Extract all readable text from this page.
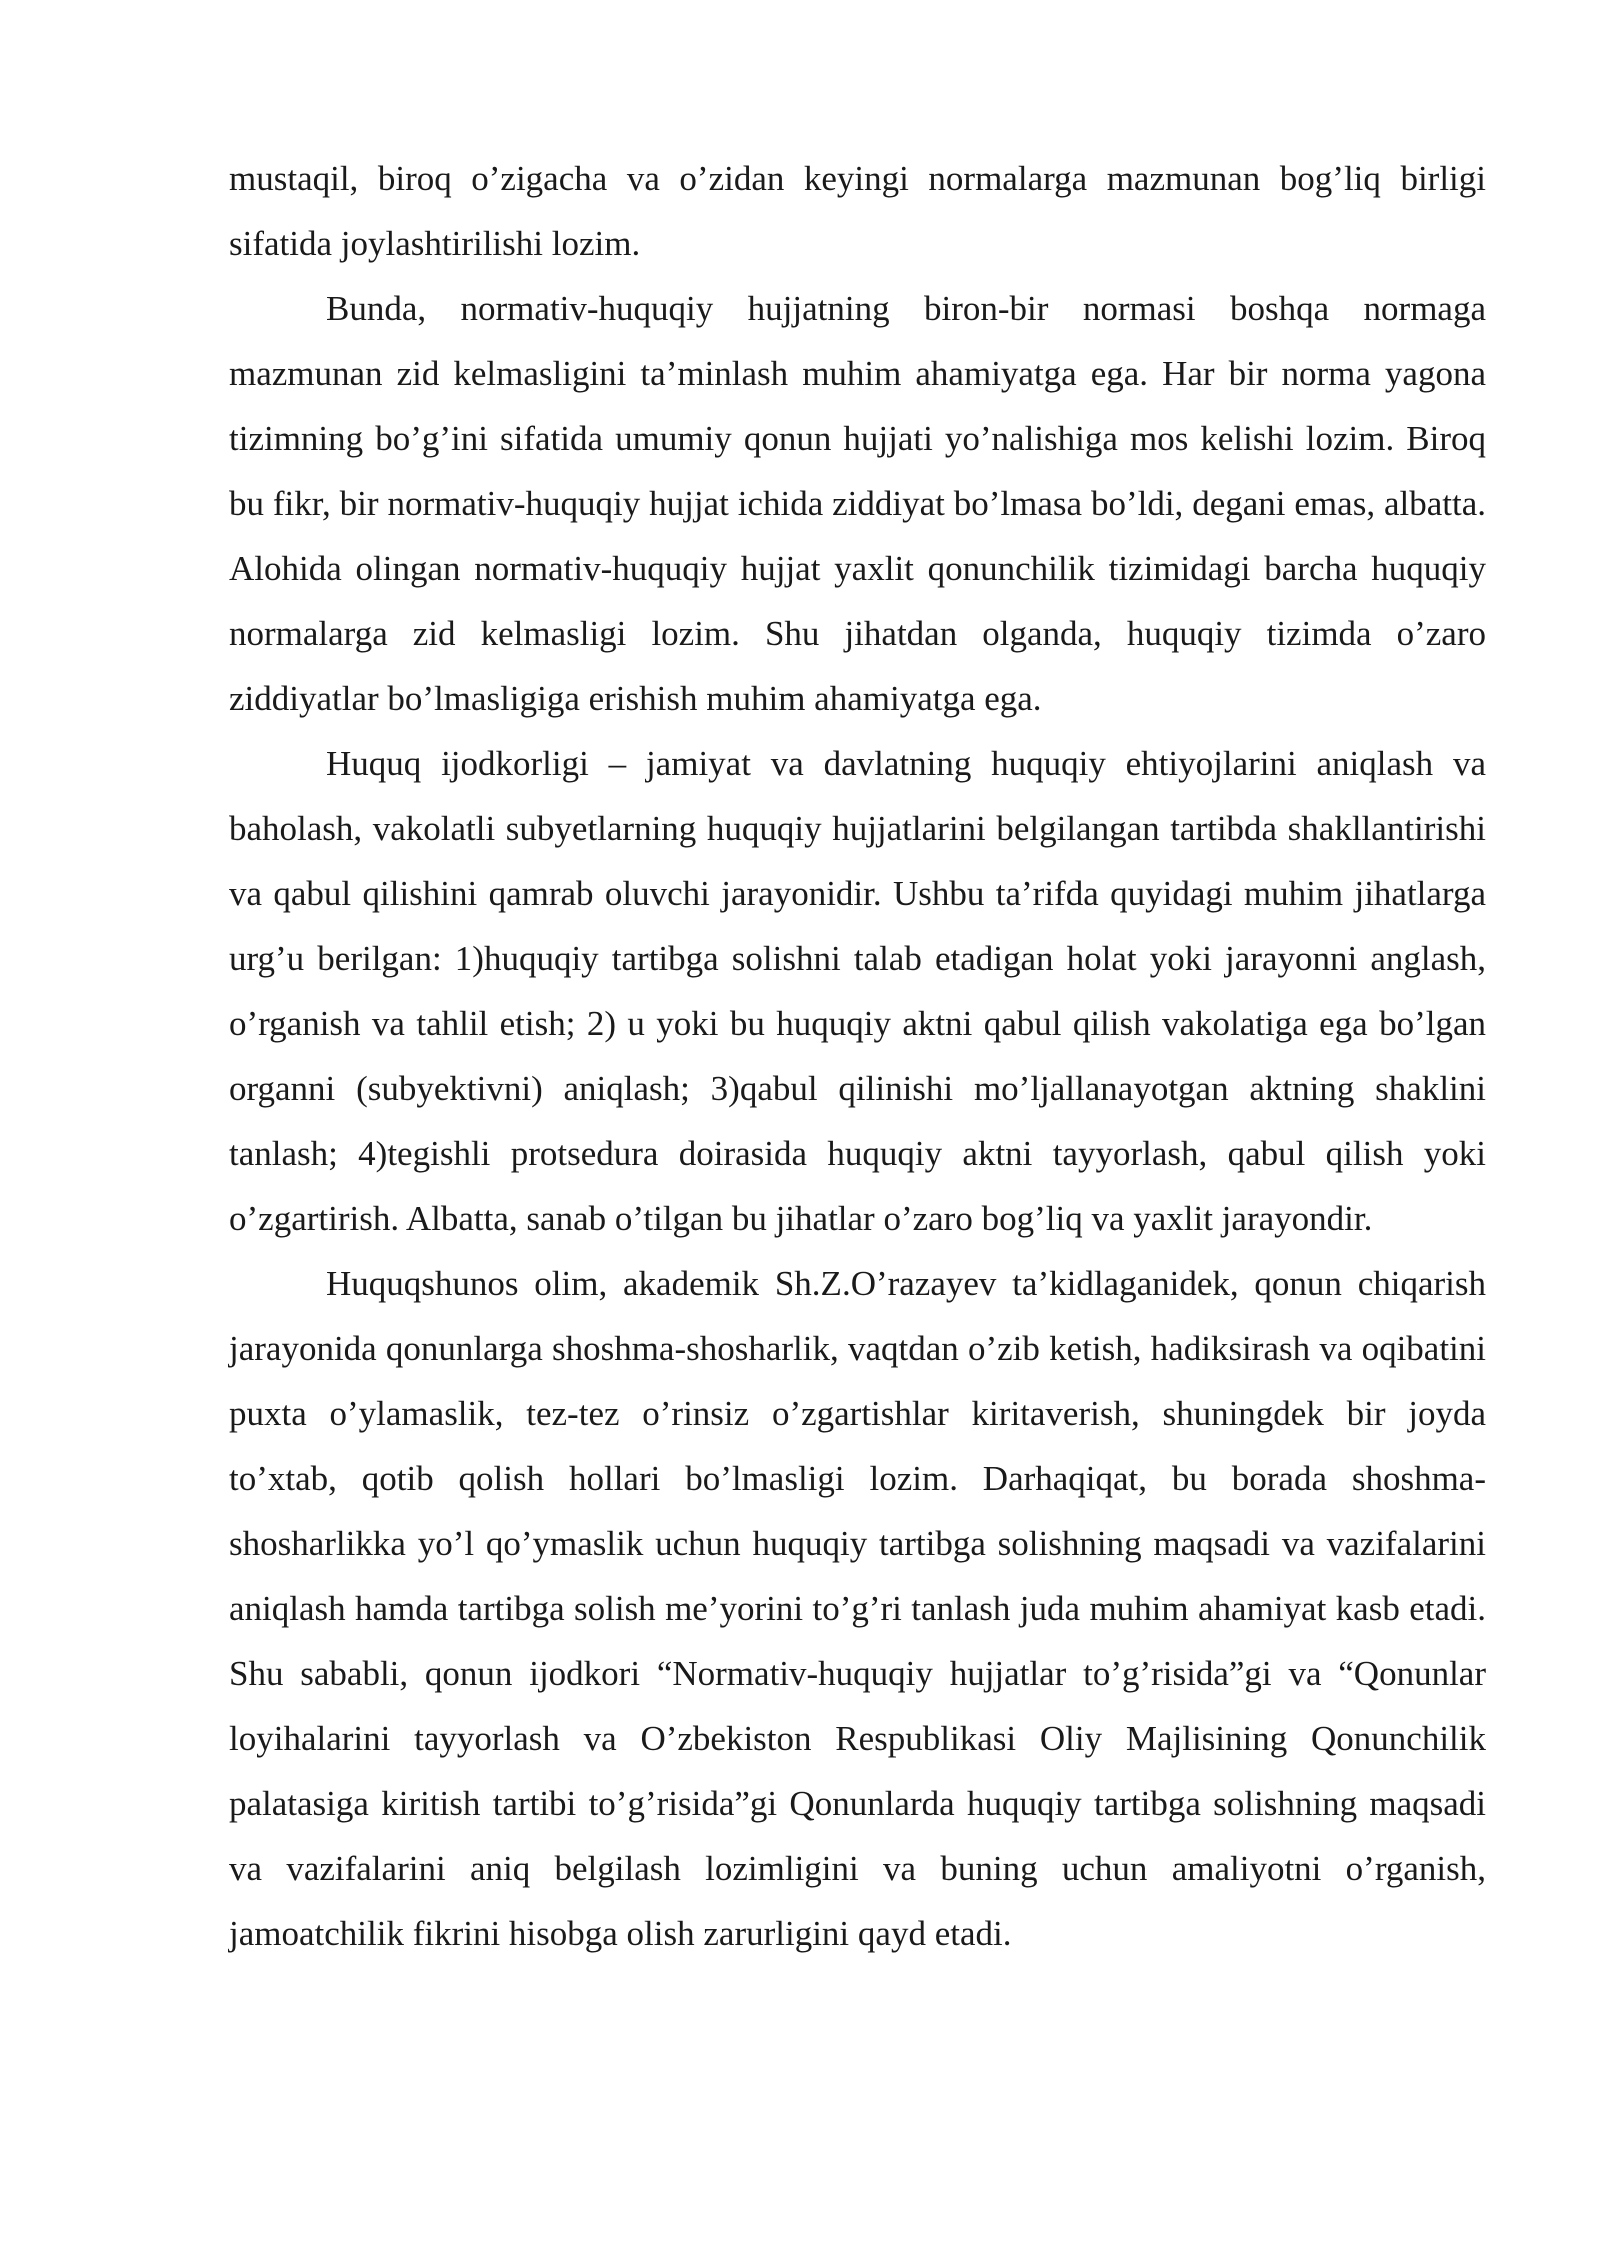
mustaqil, biroq o’zigacha va o’zidan keyingi normalarga mazmunan bog’liq birligi sifatida joylashtirilishi lozim.

Bunda, normativ-huquqiy hujjatning biron-bir normasi boshqa normaga mazmunan zid kelmasligini ta’minlash muhim ahamiyatga ega. Har bir norma yagona tizimning bo’g’ini sifatida umumiy qonun hujjati yo’nalishiga mos kelishi lozim. Biroq bu fikr, bir normativ-huquqiy hujjat ichida ziddiyat bo’lmasa bo’ldi, degani emas, albatta. Alohida olingan normativ-huquqiy hujjat yaxlit qonunchilik tizimidagi barcha huquqiy normalarga zid kelmasligi lozim. Shu jihatdan olganda, huquqiy tizimda o’zaro ziddiyatlar bo’lmasligiga erishish muhim ahamiyatga ega.

Huquq ijodkorligi – jamiyat va davlatning huquqiy ehtiyojlarini aniqlash va baholash, vakolatli subyetlarning huquqiy hujjatlarini belgilangan tartibda shakllantirishi va qabul qilishini qamrab oluvchi jarayonidir. Ushbu ta’rifda quyidagi muhim jihatlarga urg’u berilgan: 1)huquqiy tartibga solishni talab etadigan holat yoki jarayonni anglash, o’rganish va tahlil etish; 2) u yoki bu huquqiy aktni qabul qilish vakolatiga ega bo’lgan organni (subyektivni) aniqlash; 3)qabul qilinishi mo’ljallanayotgan aktning shaklini tanlash; 4)tegishli protsedura doirasida huquqiy aktni tayyorlash, qabul qilish yoki o’zgartirish. Albatta, sanab o’tilgan bu jihatlar o’zaro bog’liq va yaxlit jarayondir.

Huquqshunos olim, akademik Sh.Z.O’razayev ta’kidlaganidek, qonun chiqarish jarayonida qonunlarga shoshma-shosharlik, vaqtdan o’zib ketish, hadiksirash va oqibatini puxta o’ylamaslik, tez-tez o’rinsiz o’zgartishlar kiritaverish, shuningdek bir joyda to’xtab, qotib qolish hollari bo’lmasligi lozim. Darhaqiqat, bu borada shoshma-shosharlikka yo’l qo’ymaslik uchun huquqiy tartibga solishning maqsadi va vazifalarini aniqlash hamda tartibga solish me’yorini to’g’ri tanlash juda muhim ahamiyat kasb etadi. Shu sababli, qonun ijodkori “Normativ-huquqiy hujjatlar to’g’risida”gi va “Qonunlar loyihalarini tayyorlash va O’zbekiston Respublikasi Oliy Majlisining Qonunchilik palatasiga kiritish tartibi to’g’risida”gi Qonunlarda huquqiy tartibga solishning maqsadi va vazifalarini aniq belgilash lozimligini va buning uchun amaliyotni o’rganish, jamoatchilik fikrini hisobga olish zarurligini qayd etadi.
